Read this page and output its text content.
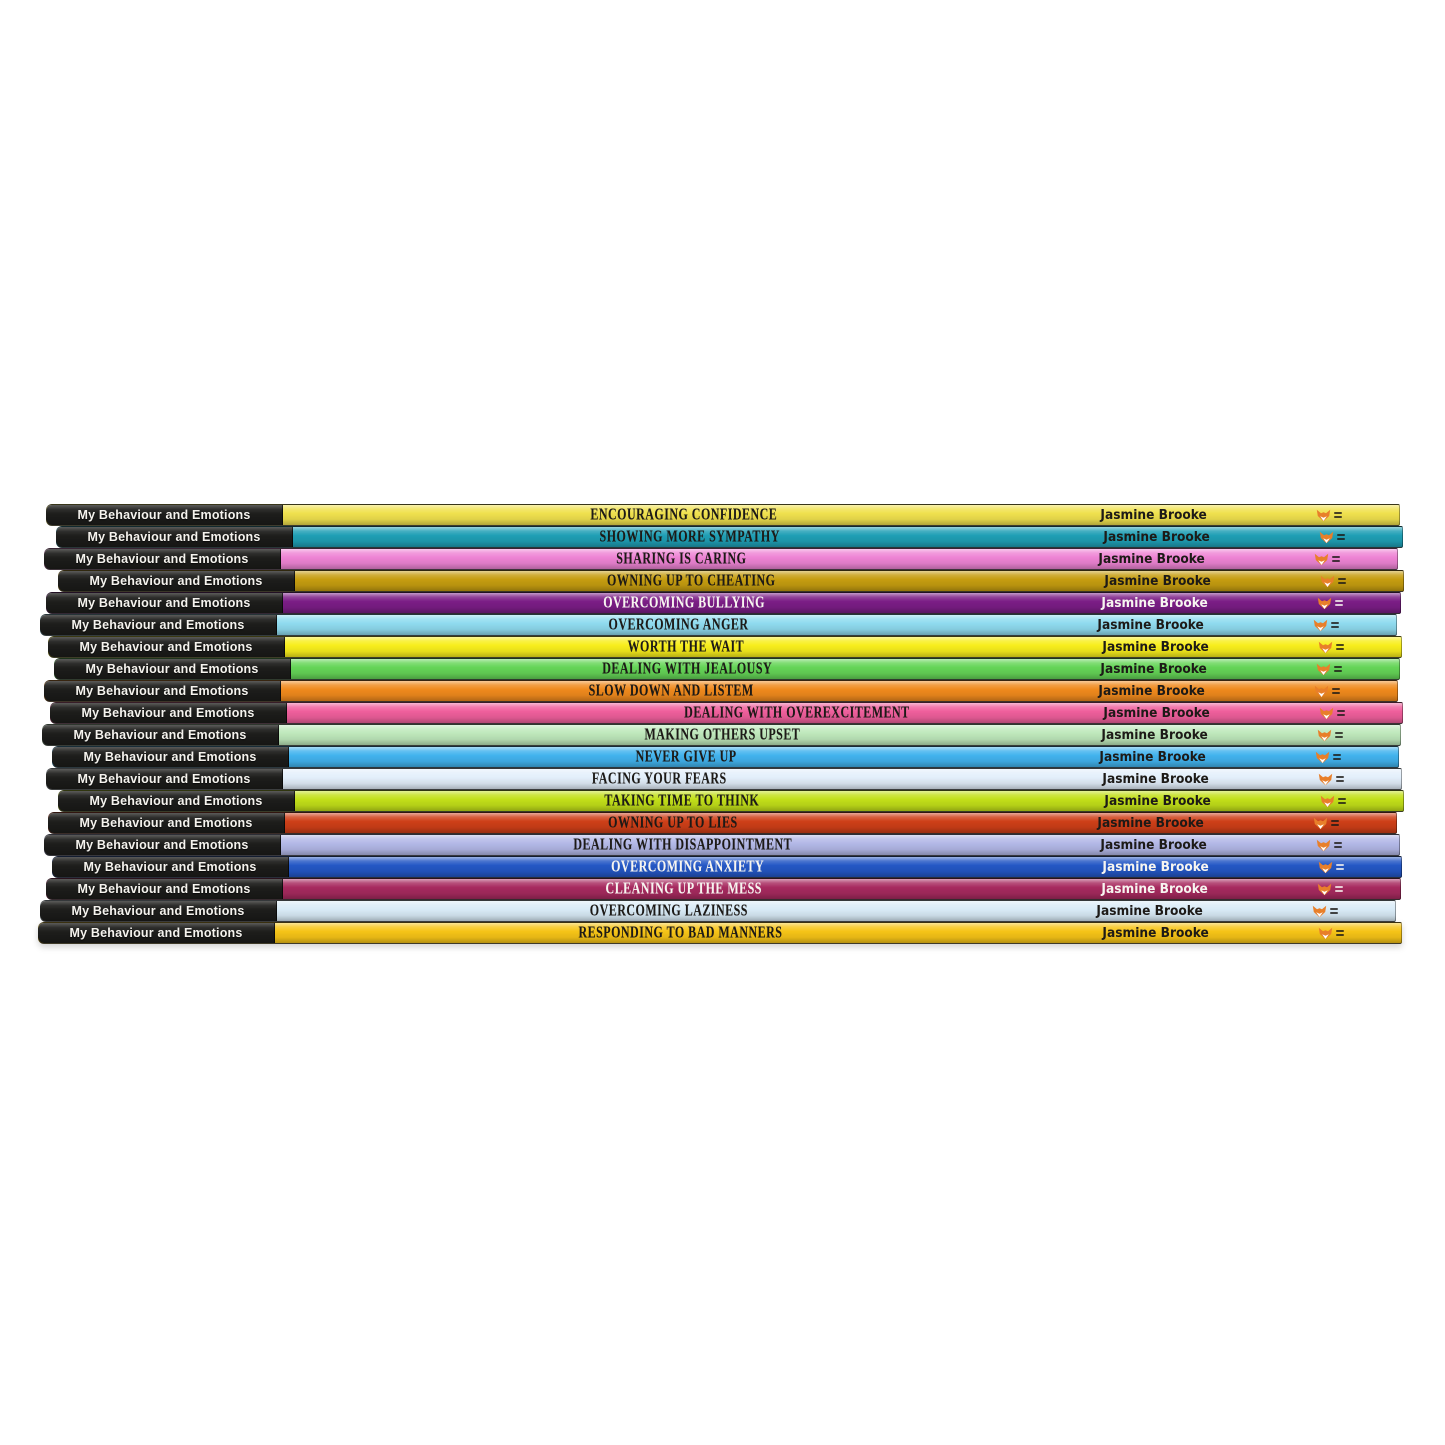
My Behaviour and Emotions	ENCOURAGING CONFIDENCE	Jasmine Brooke
My Behaviour and Emotions	SHOWING MORE SYMPATHY	Jasmine Brooke
My Behaviour and Emotions	SHARING IS CARING	Jasmine Brooke
My Behaviour and Emotions	OWNING UP TO CHEATING	Jasmine Brooke
My Behaviour and Emotions	OVERCOMING BULLYING	Jasmine Brooke
My Behaviour and Emotions	OVERCOMING ANGER	Jasmine Brooke
My Behaviour and Emotions	WORTH THE WAIT	Jasmine Brooke
My Behaviour and Emotions	DEALING WITH JEALOUSY	Jasmine Brooke
My Behaviour and Emotions	SLOW DOWN AND LISTEM	Jasmine Brooke
My Behaviour and Emotions	DEALING WITH OVEREXCITEMENT	Jasmine Brooke
My Behaviour and Emotions	MAKING OTHERS UPSET	Jasmine Brooke
My Behaviour and Emotions	NEVER GIVE UP	Jasmine Brooke
My Behaviour and Emotions	FACING YOUR FEARS	Jasmine Brooke
My Behaviour and Emotions	TAKING TIME TO THINK	Jasmine Brooke
My Behaviour and Emotions	OWNING UP TO LIES	Jasmine Brooke
My Behaviour and Emotions	DEALING WITH DISAPPOINTMENT	Jasmine Brooke
My Behaviour and Emotions	OVERCOMING ANXIETY	Jasmine Brooke
My Behaviour and Emotions	CLEANING UP THE MESS	Jasmine Brooke
My Behaviour and Emotions	OVERCOMING LAZINESS	Jasmine Brooke
My Behaviour and Emotions	RESPONDING TO BAD MANNERS	Jasmine Brooke
